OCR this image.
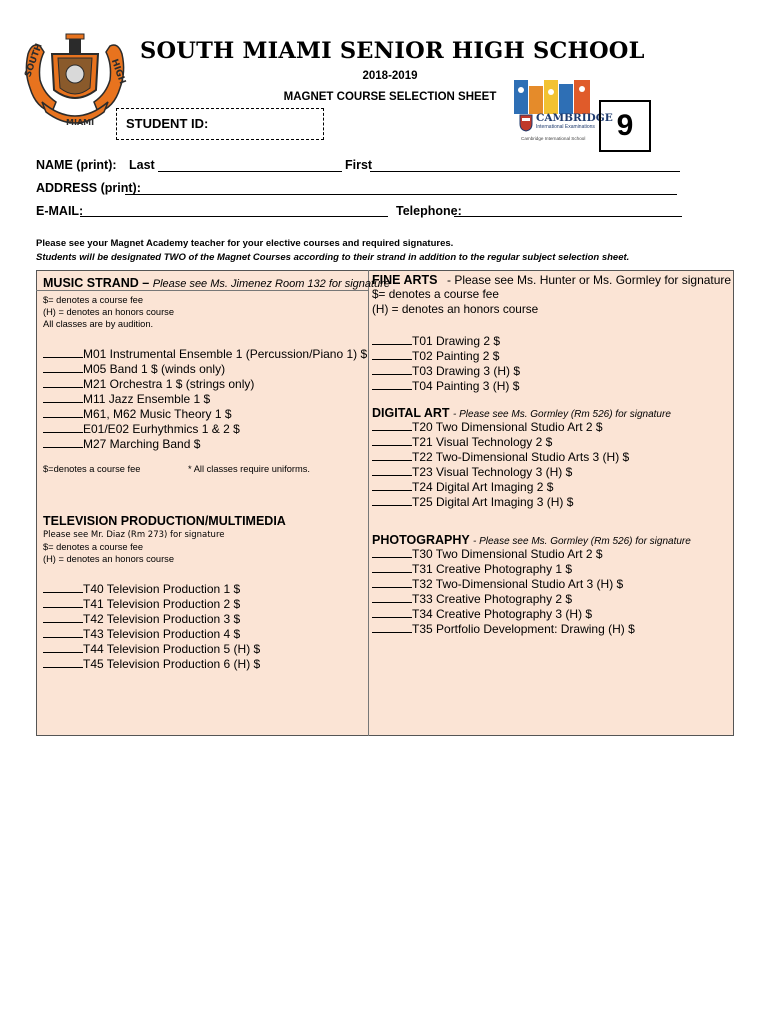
SOUTH
MIAMI
HIGH
SOUTH MIAMI SENIOR HIGH SCHOOL
2018-2019
MAGNET COURSE SELECTION SHEET
STUDENT ID:	CAMBRIDGE
International Examinations
Cambridge International School	9
NAME (print): Last	First
ADDRESS (print):
E-MAIL:	Telephone:
Please see your Magnet Academy teacher for your elective courses and required signatures.
Students will be designated TWO of the Magnet Courses according to their strand in addition to the regular subject selection sheet.
MUSIC STRAND – Please see Ms. Jimenez Room 132 for signature
$= denotes a course fee
(H) = denotes an honors course
All classes are by audition.
M01 Instrumental Ensemble 1 (Percussion/Piano 1) $
M05 Band 1 $ (winds only)
M21 Orchestra 1 $ (strings only)
M11 Jazz Ensemble 1 $
M61, M62 Music Theory 1 $
E01/E02 Eurhythmics 1 & 2 $
M27 Marching Band $
$=denotes a course fee	* All classes require uniforms.
TELEVISION PRODUCTION/MULTIMEDIA
Please see Mr. Diaz (Rm 273) for signature
$= denotes a course fee
(H) = denotes an honors course
T40 Television Production 1 $
T41 Television Production 2 $
T42 Television Production 3 $
T43 Television Production 4 $
T44 Television Production 5 (H) $
T45 Television Production 6 (H) $
FINE ARTS - Please see Ms. Hunter or Ms. Gormley for signature
$= denotes a course fee
(H) = denotes an honors course
T01 Drawing 2 $
T02 Painting 2 $
T03 Drawing 3 (H) $
T04 Painting 3 (H) $
DIGITAL ART - Please see Ms. Gormley (Rm 526) for signature
T20 Two Dimensional Studio Art 2 $
T21 Visual Technology 2 $
T22 Two-Dimensional Studio Arts 3 (H) $
T23 Visual Technology 3 (H) $
T24 Digital Art Imaging 2 $
T25 Digital Art Imaging 3 (H) $
PHOTOGRAPHY - Please see Ms. Gormley (Rm 526) for signature
T30 Two Dimensional Studio Art 2 $
T31 Creative Photography 1 $
T32 Two-Dimensional Studio Art 3 (H) $
T33 Creative Photography 2 $
T34 Creative Photography 3 (H) $
T35 Portfolio Development: Drawing (H) $
